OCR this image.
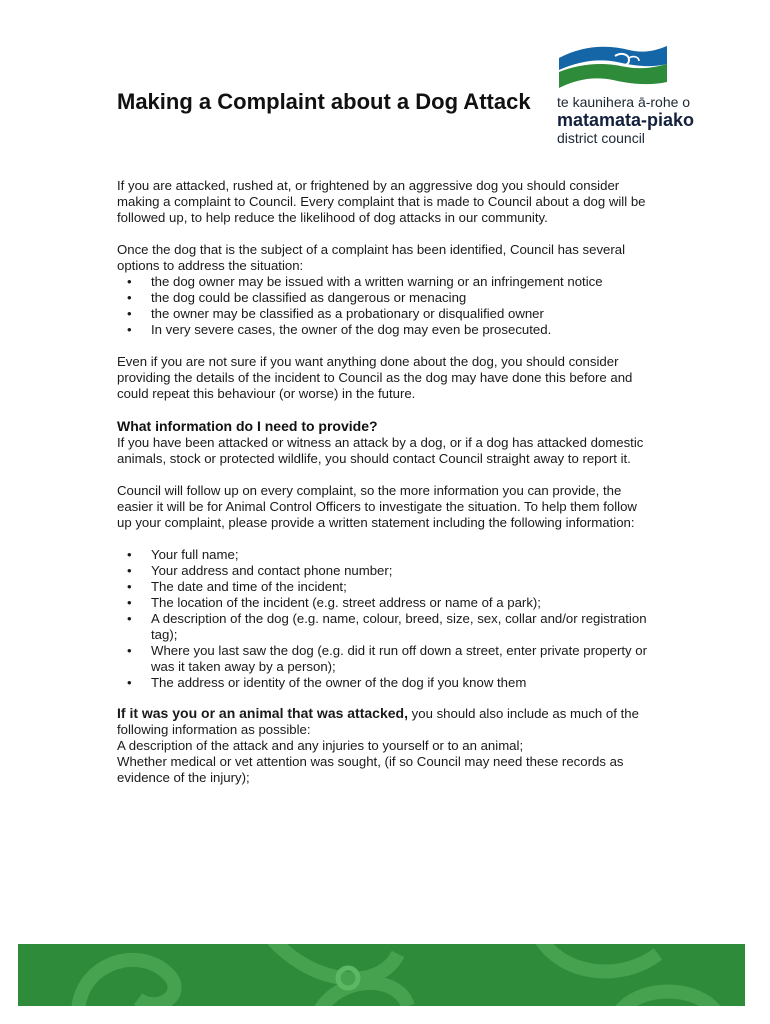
Making a Complaint about a Dog Attack	te kaunihera ā-rohe o
matamata-piako
district council

If you are attacked, rushed at, or frightened by an aggressive dog you should consider making a complaint to Council. Every complaint that is made to Council about a dog will be followed up, to help reduce the likelihood of dog attacks in our community.

Once the dog that is the subject of a complaint has been identified, Council has several options to address the situation:
• the dog owner may be issued with a written warning or an infringement notice
• the dog could be classified as dangerous or menacing
• the owner may be classified as a probationary or disqualified owner
• In very severe cases, the owner of the dog may even be prosecuted.

Even if you are not sure if you want anything done about the dog, you should consider providing the details of the incident to Council as the dog may have done this before and could repeat this behaviour (or worse) in the future.

What information do I need to provide?

If you have been attacked or witness an attack by a dog, or if a dog has attacked domestic animals, stock or protected wildlife, you should contact Council straight away to report it.

Council will follow up on every complaint, so the more information you can provide, the easier it will be for Animal Control Officers to investigate the situation. To help them follow up your complaint, please provide a written statement including the following information:

• Your full name;
• Your address and contact phone number;
• The date and time of the incident;
• The location of the incident (e.g. street address or name of a park);
• A description of the dog (e.g. name, colour, breed, size, sex, collar and/or registration tag);
• Where you last saw the dog (e.g. did it run off down a street, enter private property or was it taken away by a person);
• The address or identity of the owner of the dog if you know them
If it was you or an animal that was attacked, you should also include as much of the following information as possible:
A description of the attack and any injuries to yourself or to an animal;
Whether medical or vet attention was sought, (if so Council may need these records as evidence of the injury);
